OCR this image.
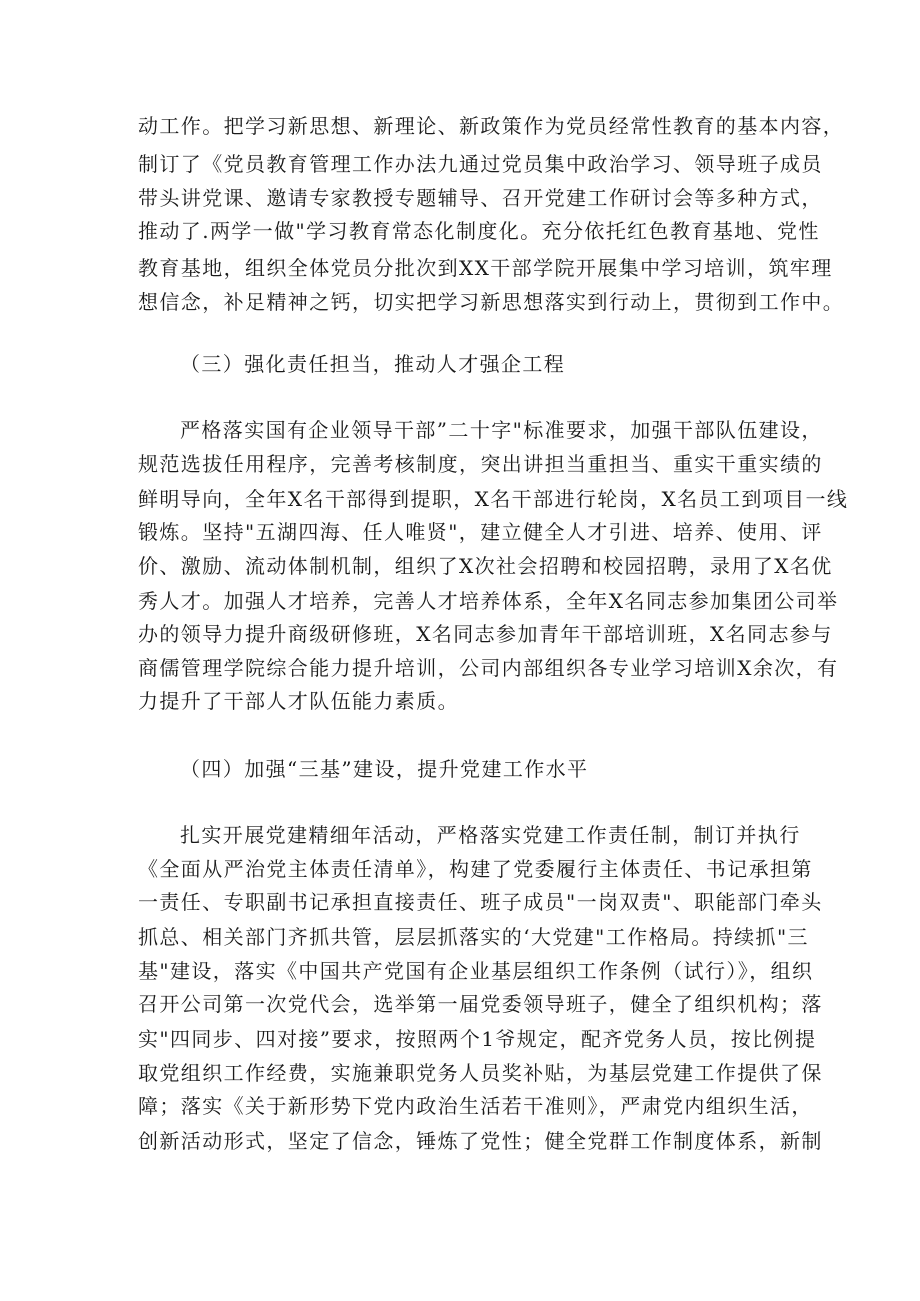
动工作。把学习新思想、新理论、新政策作为党员经常性教育的基本内容，
制订了《党员教育管理工作办法九通过党员集中政治学习、领导班子成员
带头讲党课、邀请专家教授专题辅导、召开党建工作研讨会等多种方式，
推动了.两学一做"学习教育常态化制度化。充分依托红色教育基地、党性
教育基地，组织全体党员分批次到XX干部学院开展集中学习培训，筑牢理
想信念，补足精神之钙，切实把学习新思想落实到行动上，贯彻到工作中。
（三）强化责任担当，推动人才强企工程
严格落实国有企业领导干部”二十字"标准要求，加强干部队伍建设，
规范选拔任用程序，完善考核制度，突出讲担当重担当、重实干重实绩的
鲜明导向，全年X名干部得到提职，X名干部进行轮岗，X名员工到项目一线
锻炼。坚持"五湖四海、任人唯贤"，建立健全人才引进、培养、使用、评
价、激励、流动体制机制，组织了X次社会招聘和校园招聘，录用了X名优
秀人才。加强人才培养，完善人才培养体系，全年X名同志参加集团公司举
办的领导力提升商级研修班，X名同志参加青年干部培训班，X名同志参与
商儒管理学院综合能力提升培训，公司内部组织各专业学习培训X余次，有
力提升了干部人才队伍能力素质。
（四）加强“三基”建设，提升党建工作水平
扎实开展党建精细年活动，严格落实党建工作责任制，制订并执行
《全面从严治党主体责任清单》，构建了党委履行主体责任、书记承担第
一责任、专职副书记承担直接责任、班子成员"一岗双责"、职能部门牵头
抓总、相关部门齐抓共管，层层抓落实的‘大党建"工作格局。持续抓"三
基"建设，落实《中国共产党国有企业基层组织工作条例（试行）》，组织
召开公司第一次党代会，选举第一届党委领导班子，健全了组织机构；落
实"四同步、四对接”要求，按照两个1爷规定，配齐党务人员，按比例提
取党组织工作经费，实施兼职党务人员奖补贴，为基层党建工作提供了保
障；落实《关于新形势下党内政治生活若干准则》，严肃党内组织生活，
创新活动形式，坚定了信念，锤炼了党性；健全党群工作制度体系，新制
